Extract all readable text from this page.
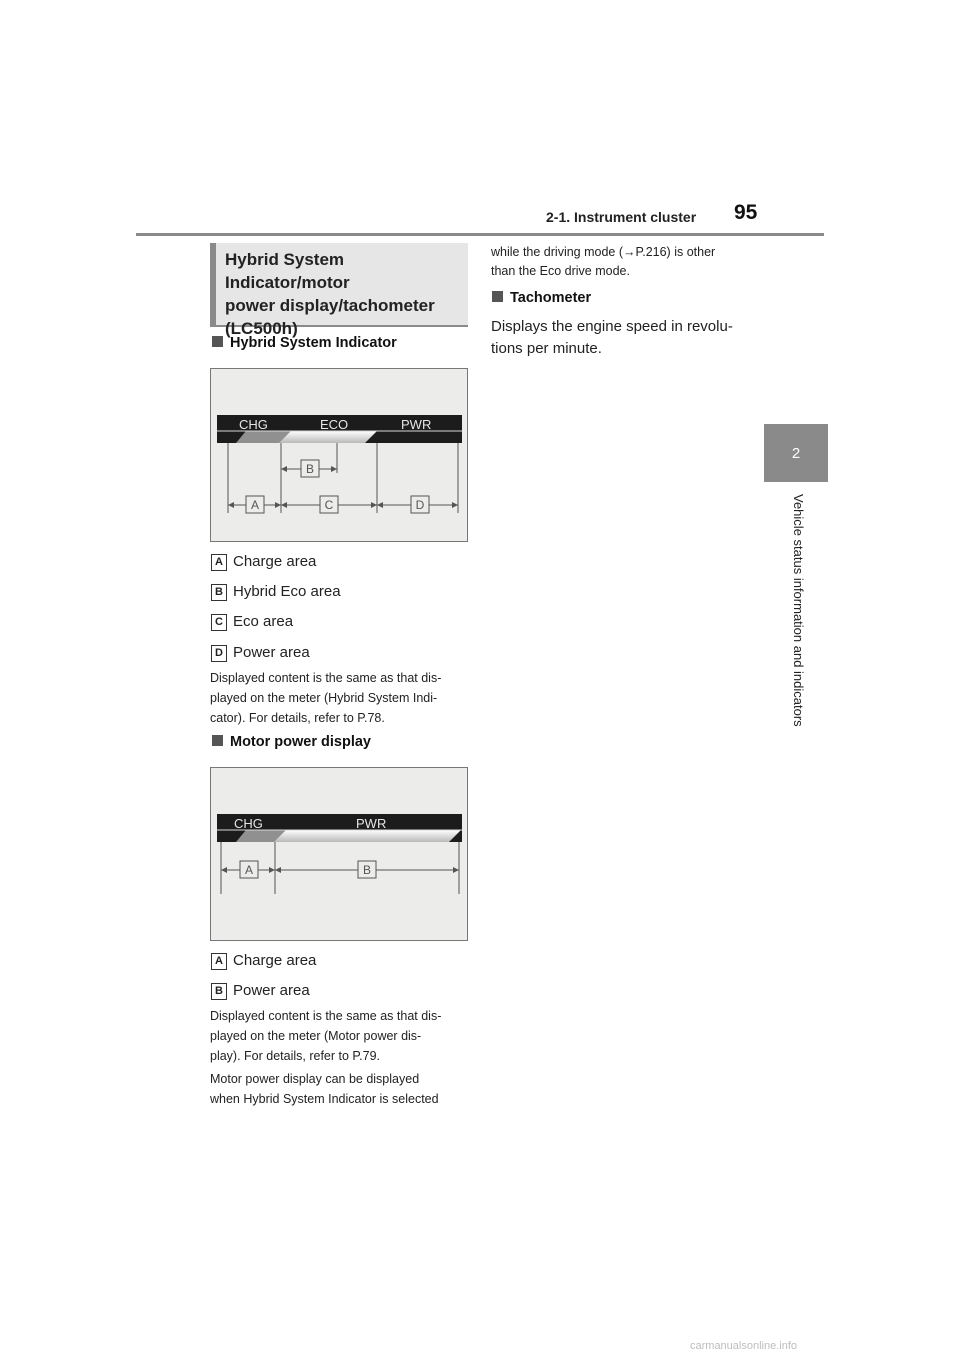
2-1. Instrument cluster 95
2
Vehicle status information and indicators
Hybrid System Indicator/motor
power display/tachometer
(LC500h)
Hybrid System Indicator
CHG	ECO	PWR
B
A	C	D
A Charge area
B Hybrid Eco area
C Eco area
D Power area
Displayed content is the same as that dis-
played on the meter (Hybrid System Indi-
cator). For details, refer to P.78.
Motor power display
CHG	PWR
A	B
A Charge area
B Power area
Displayed content is the same as that dis-
played on the meter (Motor power dis-
play). For details, refer to P.79.
Motor power display can be displayed
when Hybrid System Indicator is selected
while the driving mode (→P.216) is other
than the Eco drive mode.
Tachometer
Displays the engine speed in revolu-
tions per minute.
carmanualsonline.info
